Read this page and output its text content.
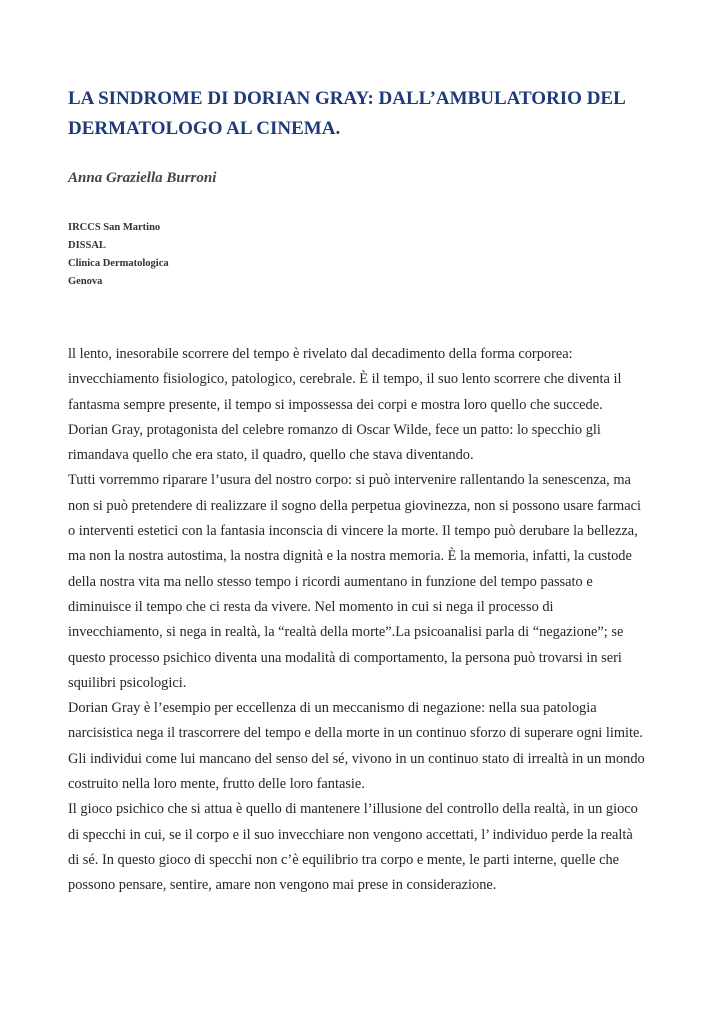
LA SINDROME DI DORIAN GRAY: DALL’AMBULATORIO DEL
DERMATOLOGO AL CINEMA.

Anna Graziella Burroni

IRCCS San Martino
DISSAL
Clinica Dermatologica
Genova
ll lento, inesorabile scorrere del tempo è rivelato dal decadimento della forma corporea:
invecchiamento fisiologico, patologico, cerebrale. È il tempo, il suo lento scorrere che diventa il
fantasma sempre presente, il tempo si impossessa dei corpi e mostra loro quello che succede.
Dorian Gray, protagonista del celebre romanzo di Oscar Wilde, fece un patto: lo specchio gli
rimandava quello che era stato, il quadro, quello che stava diventando.
Tutti vorremmo riparare l’usura del nostro corpo: si può intervenire rallentando la senescenza, ma
non si può pretendere di realizzare il sogno della perpetua giovinezza, non si possono usare farmaci
o interventi estetici con la fantasia inconscia di vincere la morte. Il tempo può derubare la bellezza,
ma non la nostra autostima, la nostra dignità e la nostra memoria. È la memoria, infatti, la custode
della nostra vita ma nello stesso tempo i ricordi aumentano in funzione del tempo passato e
diminuisce il tempo che ci resta da vivere. Nel momento in cui si nega il processo di
invecchiamento, si nega in realtà, la “realtà della morte”.La psicoanalisi parla di “negazione”; se
questo processo psichico diventa una modalità di comportamento, la persona può trovarsi in seri
squilibri psicologici.
Dorian Gray è l’esempio per eccellenza di un meccanismo di negazione: nella sua patologia
narcisistica nega il trascorrere del tempo e della morte in un continuo sforzo di superare ogni limite.
Gli individui come lui mancano del senso del sé, vivono in un continuo stato di irrealtà in un mondo
costruito nella loro mente, frutto delle loro fantasie.
Il gioco psichico che si attua è quello di mantenere l’illusione del controllo della realtà, in un gioco
di specchi in cui, se il corpo e il suo invecchiare non vengono accettati, l’ individuo perde la realtà
di sé. In questo gioco di specchi non c’è equilibrio tra corpo e mente, le parti interne, quelle che
possono pensare, sentire, amare non vengono mai prese in considerazione.
